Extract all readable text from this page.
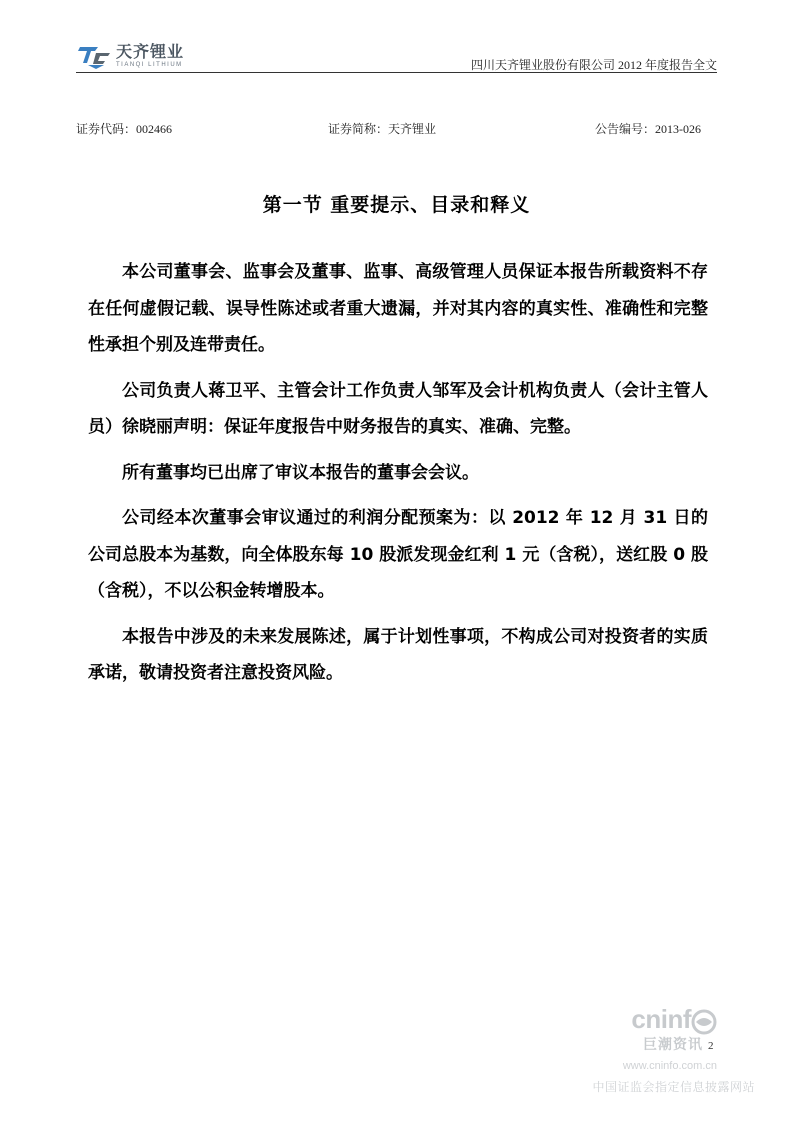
天齐锂业
TIANQI LITHIUM	四川天齐锂业股份有限公司 2012 年度报告全文
证券代码：002466	证券简称：天齐锂业	公告编号：2013-026
第一节 重要提示、目录和释义

本公司董事会、监事会及董事、监事、高级管理人员保证本报告所载资料不存在任何虚假记载、误导性陈述或者重大遗漏，并对其内容的真实性、准确性和完整性承担个别及连带责任。

公司负责人蒋卫平、主管会计工作负责人邹军及会计机构负责人（会计主管人员）徐晓丽声明：保证年度报告中财务报告的真实、准确、完整。

所有董事均已出席了审议本报告的董事会会议。

公司经本次董事会审议通过的利润分配预案为：以 2012 年 12 月 31 日的公司总股本为基数，向全体股东每 10 股派发现金红利 1 元（含税），送红股 0 股（含税），不以公积金转增股本。

本报告中涉及的未来发展陈述，属于计划性事项，不构成公司对投资者的实质承诺，敬请投资者注意投资风险。

2
cninf
巨潮资讯
www.cninfo.com.cn
中国证监会指定信息披露网站
